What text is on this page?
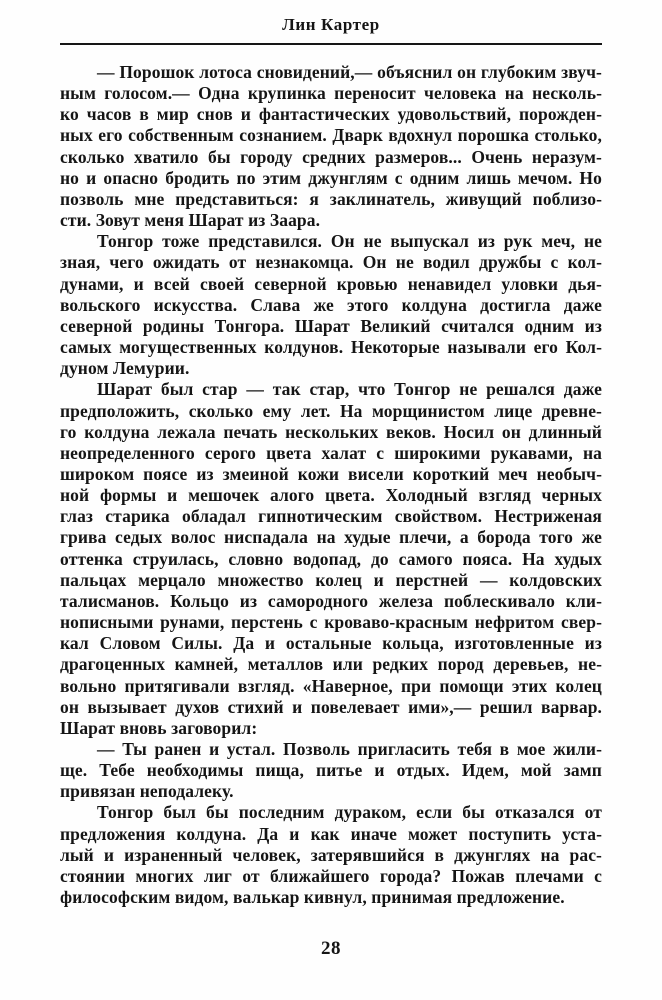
Лин Картер
— Порошок лотоса сновидений,— объяснил он глубоким звуч-
ным голосом.— Одна крупинка переносит человека на несколь-
ко часов в мир снов и фантастических удовольствий, порожден-
ных его собственным сознанием. Дварк вдохнул порошка столько,
сколько хватило бы городу средних размеров... Очень неразум-
но и опасно бродить по этим джунглям с одним лишь мечом. Но
позволь мне представиться: я заклинатель, живущий поблизо-
сти. Зовут меня Шарат из Заара.
Тонгор тоже представился. Он не выпускал из рук меч, не
зная, чего ожидать от незнакомца. Он не водил дружбы с кол-
дунами, и всей своей северной кровью ненавидел уловки дья-
вольского искусства. Слава же этого колдуна достигла даже
северной родины Тонгора. Шарат Великий считался одним из
самых могущественных колдунов. Некоторые называли его Кол-
дуном Лемурии.
Шарат был стар — так стар, что Тонгор не решался даже
предположить, сколько ему лет. На морщинистом лице древне-
го колдуна лежала печать нескольких веков. Носил он длинный
неопределенного серого цвета халат с широкими рукавами, на
широком поясе из змеиной кожи висели короткий меч необыч-
ной формы и мешочек алого цвета. Холодный взгляд черных
глаз старика обладал гипнотическим свойством. Нестриженая
грива седых волос ниспадала на худые плечи, а борода того же
оттенка струилась, словно водопад, до самого пояса. На худых
пальцах мерцало множество колец и перстней — колдовских
талисманов. Кольцо из самородного железа поблескивало кли-
нописными рунами, перстень с кроваво-красным нефритом свер-
кал Словом Силы. Да и остальные кольца, изготовленные из
драгоценных камней, металлов или редких пород деревьев, не-
вольно притягивали взгляд. «Наверное, при помощи этих колец
он вызывает духов стихий и повелевает ими»,— решил варвар.
Шарат вновь заговорил:
— Ты ранен и устал. Позволь пригласить тебя в мое жили-
ще. Тебе необходимы пища, питье и отдых. Идем, мой замп
привязан неподалеку.
Тонгор был бы последним дураком, если бы отказался от
предложения колдуна. Да и как иначе может поступить уста-
лый и израненный человек, затерявшийся в джунглях на рас-
стоянии многих лиг от ближайшего города? Пожав плечами с
философским видом, валькар кивнул, принимая предложение.
28
